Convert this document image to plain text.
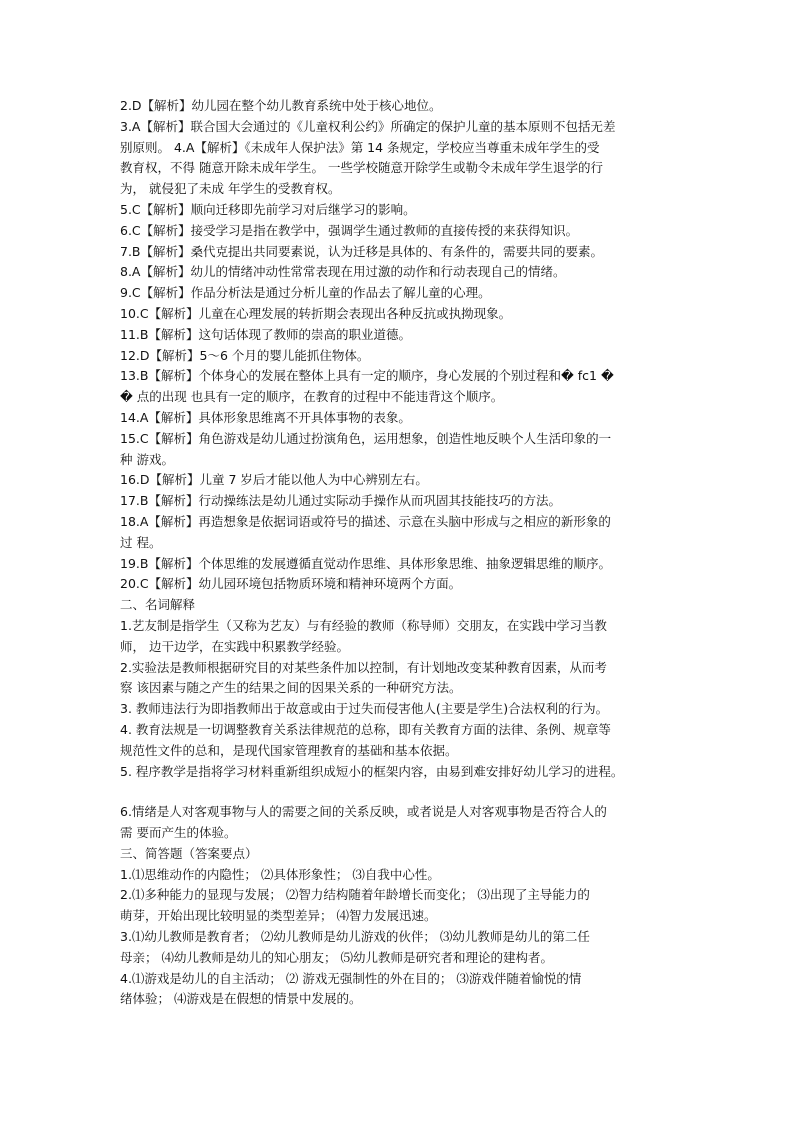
2.D【解析】幼儿园在整个幼儿教育系统中处于核心地位。
3.A【解析】联合国大会通过的《儿童权利公约》所确定的保护儿童的基本原则不包括无差
别原则。 4.A【解析】《未成年人保护法》第 14 条规定，学校应当尊重未成年学生的受
教育权，不得 随意开除未成年学生。 一些学校随意开除学生或勒令未成年学生退学的行
为， 就侵犯了未成 年学生的受教育权。
5.C【解析】顺向迁移即先前学习对后继学习的影响。
6.C【解析】接受学习是指在教学中，强调学生通过教师的直接传授的来获得知识。
7.B【解析】桑代克提出共同要素说，认为迁移是具体的、有条件的，需要共同的要素。
8.A【解析】幼儿的情绪冲动性常常表现在用过激的动作和行动表现自己的情绪。
9.C【解析】作品分析法是通过分析儿童的作品去了解儿童的心理。
10.C【解析】儿童在心理发展的转折期会表现出各种反抗或执拗现象。
11.B【解析】这句话体现了教师的崇高的职业道德。
12.D【解析】5～6 个月的婴儿能抓住物体。
13.B【解析】个体身心的发展在整体上具有一定的顺序，身心发展的个别过程和� fc1 �
� 点的出现 也具有一定的顺序，在教育的过程中不能违背这个顺序。
14.A【解析】具体形象思维离不开具体事物的表象。
15.C【解析】角色游戏是幼儿通过扮演角色，运用想象，创造性地反映个人生活印象的一
种 游戏。
16.D【解析】儿童 7 岁后才能以他人为中心辨别左右。
17.B【解析】行动操练法是幼儿通过实际动手操作从而巩固其技能技巧的方法。
18.A【解析】再造想象是依据词语或符号的描述、示意在头脑中形成与之相应的新形象的
过 程。
19.B【解析】个体思维的发展遵循直觉动作思维、具体形象思维、抽象逻辑思维的顺序。
20.C【解析】幼儿园环境包括物质环境和精神环境两个方面。
二、名词解释
1.艺友制是指学生（又称为艺友）与有经验的教师（称导师）交朋友，在实践中学习当教
师， 边干边学，在实践中积累教学经验。
2.实验法是教师根据研究目的对某些条件加以控制，有计划地改变某种教育因素，从而考
察 该因素与随之产生的结果之间的因果关系的一种研究方法。
3. 教师违法行为即指教师出于故意或由于过失而侵害他人(主要是学生)合法权利的行为。
4. 教育法规是一切调整教育关系法律规范的总称，即有关教育方面的法律、条例、规章等
规范性文件的总和，是现代国家管理教育的基础和基本依据。
5. 程序教学是指将学习材料重新组织成短小的框架内容，由易到难安排好幼儿学习的进程。
6.情绪是人对客观事物与人的需要之间的关系反映，或者说是人对客观事物是否符合人的
需 要而产生的体验。
三、简答题（答案要点）
1.⑴思维动作的内隐性； ⑵具体形象性； ⑶自我中心性。
2.⑴多种能力的显现与发展； ⑵智力结构随着年龄增长而变化； ⑶出现了主导能力的
萌芽，开始出现比较明显的类型差异； ⑷智力发展迅速。
3.⑴幼儿教师是教育者； ⑵幼儿教师是幼儿游戏的伙伴； ⑶幼儿教师是幼儿的第二任
母亲； ⑷幼儿教师是幼儿的知心朋友； ⑸幼儿教师是研究者和理论的建构者。
4.⑴游戏是幼儿的自主活动； ⑵ 游戏无强制性的外在目的； ⑶游戏伴随着愉悦的情
绪体验； ⑷游戏是在假想的情景中发展的。
